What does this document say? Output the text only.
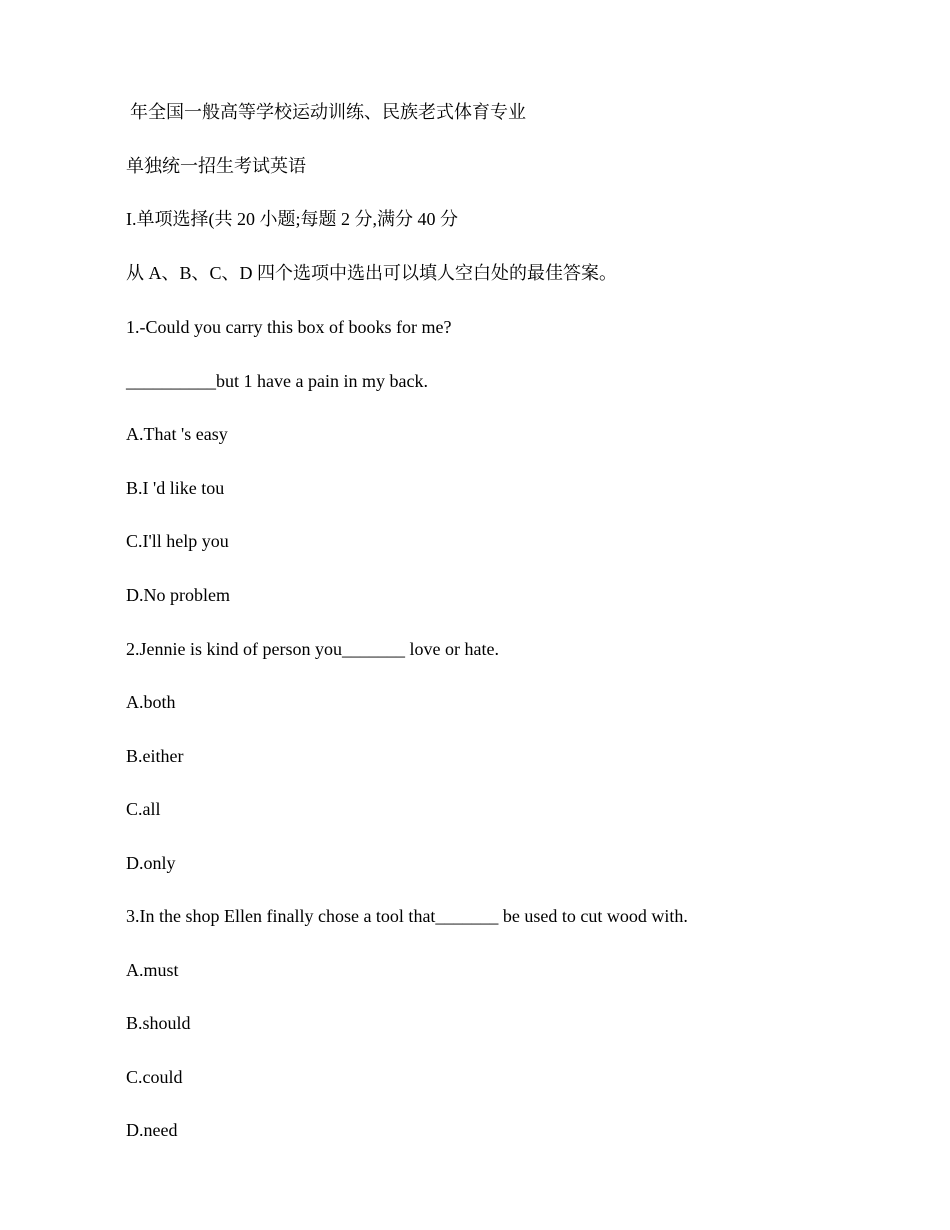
年全国一般高等学校运动训练、民族老式体育专业
单独统一招生考试英语
I.单项选择(共 20 小题;每题 2 分,满分 40 分
从 A、B、C、D 四个选项中选出可以填人空白处的最佳答案。
1.-Could you carry this box of books for me?
__________but 1 have a pain in my back.
A.That 's easy
B.I 'd like tou
C.I'll help you
D.No problem
2.Jennie is kind of person you_______ love or hate.
A.both
B.either
C.all
D.only
3.In the shop Ellen finally chose a tool that_______ be used to cut wood with.
A.must
B.should
C.could
D.need
